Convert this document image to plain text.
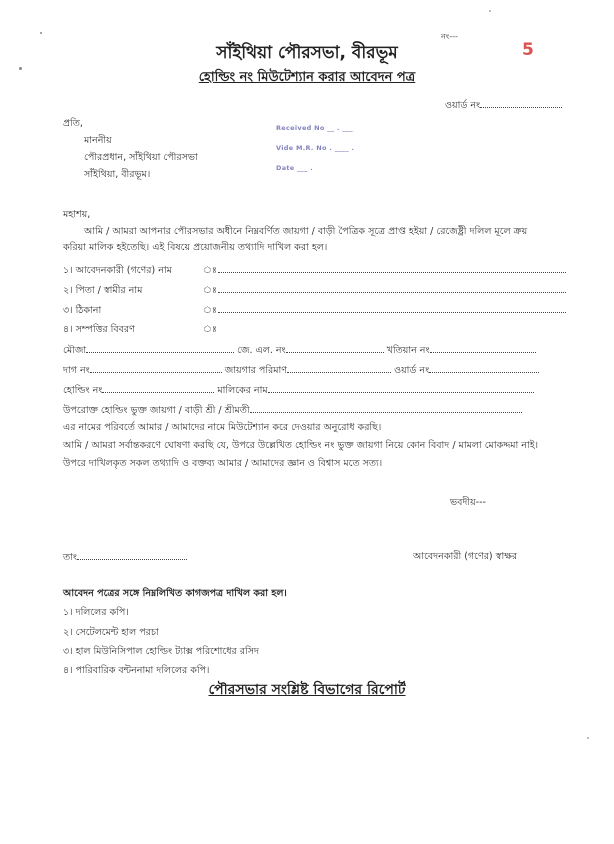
নং---
5
সাঁইথিয়া পৌরসভা, বীরভূম
হোল্ডিং নং মিউটেশ্যান করার আবেদন পত্র
ওয়ার্ড নং
প্রতি,
মাননীয়
পৌরপ্রধান, সাঁইথিয়া পৌরসভা
সাঁইথিয়া, বীরভূম।
Received No __ . ___
Vide M.R. No . ____ .
Date ___ .
মহাশয়,
আমি / আমরা আপনার পৌরসভার অধীনে নিম্নবর্ণিত জায়গা / বাড়ী পৈত্রিক সূত্রে প্রাপ্ত হইয়া / রেজেষ্ট্রী দলিল মূলে ক্রয়
করিয়া মালিক হইতেছি। এই বিষয়ে প্রয়োজনীয় তথ্যাদি দাখিল করা হল।
১। আবেদনকারী (গণের) নাম	ঃ
২। পিতা / স্বামীর নাম	ঃ
৩। ঠিকানা	ঃ
৪। সম্পত্তির বিবরণ	ঃ
মৌজা	জে. এল. নং	খতিয়ান নং
দাগ নং	জায়গার পরিমাণ	ওয়ার্ড নং
হোল্ডিং নং	মালিকের নাম
উপরোক্ত হোল্ডিং ভুক্ত জায়গা / বাড়ী শ্রী / শ্রীমতী
এর নামের পরিবর্তে আমার / আমাদের নামে মিউটেশ্যান করে দেওয়ার অনুরোধ করছি।
আমি / আমরা সর্বান্তকরণে ঘোষণা করছি যে, উপরে উল্লেখিত হোল্ডিং নং ভুক্ত জায়গা নিয়ে কোন বিবাদ / মামলা মোকদ্দমা নাই।
উপরে দাখিলকৃত সকল তথ্যাদি ও বক্তব্য আমার / আমাদের জ্ঞান ও বিশ্বাস মতে সত্য।
ভবদীয়---
তাং	আবেদনকারী (গণের) স্বাক্ষর
আবেদন পত্রের সঙ্গে নিম্নলিখিত কাগজপত্র দাখিল করা হল।
১। দলিলের কপি।
২। সেটেলমেন্ট হাল পরচা
৩। হাল মিউনিসিপাল হোল্ডিং ট্যাক্স পরিশোধের রসিদ
৪। পারিবারিক বন্টননামা দলিলের কপি।
পৌরসভার সংশ্লিষ্ট বিভাগের রিপোর্ট
